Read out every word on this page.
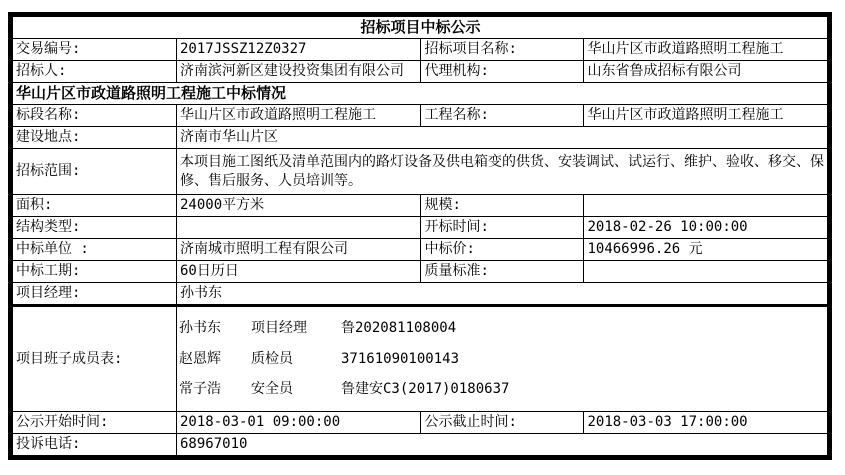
招标项目中标公示			
交易编号:	2017JSSZ12Z0327	招标项目名称:	华山片区市政道路照明工程施工
招标人:	济南滨河新区建设投资集团有限公司	代理机构:	山东省鲁成招标有限公司
华山片区市政道路照明工程施工中标情况			
标段名称:	华山片区市政道路照明工程施工	工程名称:	华山片区市政道路照明工程施工
建设地点:	济南市华山片区		
招标范围:	本项目施工图纸及清单范围内的路灯设备及供电箱变的供货、安装调试、试运行、维护、验收、移交、保修、售后服务、人员培训等。		
面积:	24000平方米	规模:	
结构类型:		开标时间:	2018-02-26 10:00:00
中标单位 :	济南城市照明工程有限公司	中标价:	10466996.26 元
中标工期:	60日历日	质量标准:	
项目经理:	孙书东		
项目班子成员表:	
孙书东	项目经理	鲁202081108004
赵恩辉	质检员	37161090100143
常子浩	安全员	鲁建安C3(2017)0180637

公示开始时间:	2018-03-01 09:00:00	公示截止时间:	2018-03-03 17:00:00
投诉电话:	68967010		
